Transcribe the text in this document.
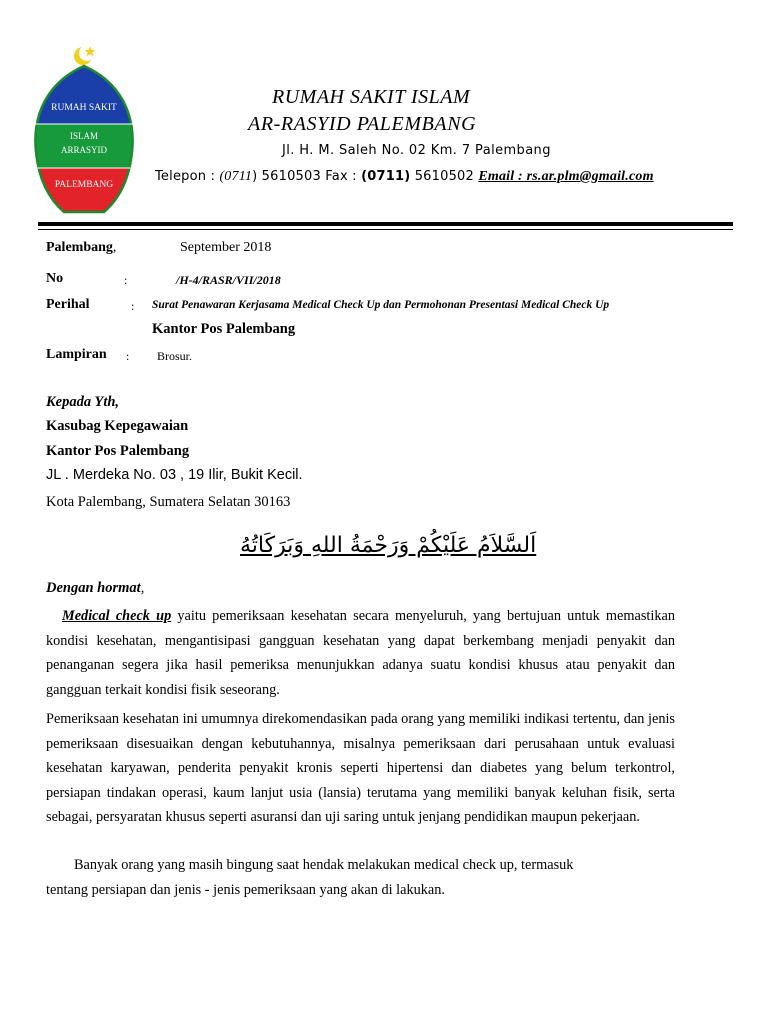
RUMAH SAKIT
ISLAM
ARRASYID
PALEMBANG
RUMAH SAKIT ISLAM
AR-RASYID PALEMBANG
Jl. H. M. Saleh No. 02 Km. 7 Palembang
Telepon : (0711) 5610503 Fax : (0711) 5610502 Email : rs.ar.plm@gmail.com
Palembang,	September 2018
No	:	/H-4/RASR/VII/2018
Perihal	: Surat Penawaran Kerjasama Medical Check Up dan Permohonan Presentasi Medical Check Up
Kantor Pos Palembang
Lampiran : Brosur.
Kepada Yth,
Kasubag Kepegawaian
Kantor Pos Palembang
JL . Merdeka No. 03 , 19 Ilir, Bukit Kecil.
Kota Palembang, Sumatera Selatan 30163
اَلسَّلاَمُ عَلَيْكُمْ وَرَحْمَةُ اللهِ وَبَرَكَاتُهُ
Dengan hormat,

Medical check up yaitu pemeriksaan kesehatan secara menyeluruh, yang bertujuan untuk memastikan kondisi kesehatan, mengantisipasi gangguan kesehatan yang dapat berkembang menjadi penyakit dan penanganan segera jika hasil pemeriksa menunjukkan adanya suatu kondisi khusus atau penyakit dan gangguan terkait kondisi fisik seseorang.

Pemeriksaan kesehatan ini umumnya direkomendasikan pada orang yang memiliki indikasi tertentu, dan jenis pemeriksaan disesuaikan dengan kebutuhannya, misalnya pemeriksaan dari perusahaan untuk evaluasi kesehatan karyawan, penderita penyakit kronis seperti hipertensi dan diabetes yang belum terkontrol, persiapan tindakan operasi, kaum lanjut usia (lansia) terutama yang memiliki banyak keluhan fisik, serta sebagai, persyaratan khusus seperti asuransi dan uji saring untuk jenjang pendidikan maupun pekerjaan.

Banyak orang yang masih bingung saat hendak melakukan medical check up, termasuk
tentang persiapan dan jenis - jenis pemeriksaan yang akan di lakukan.
